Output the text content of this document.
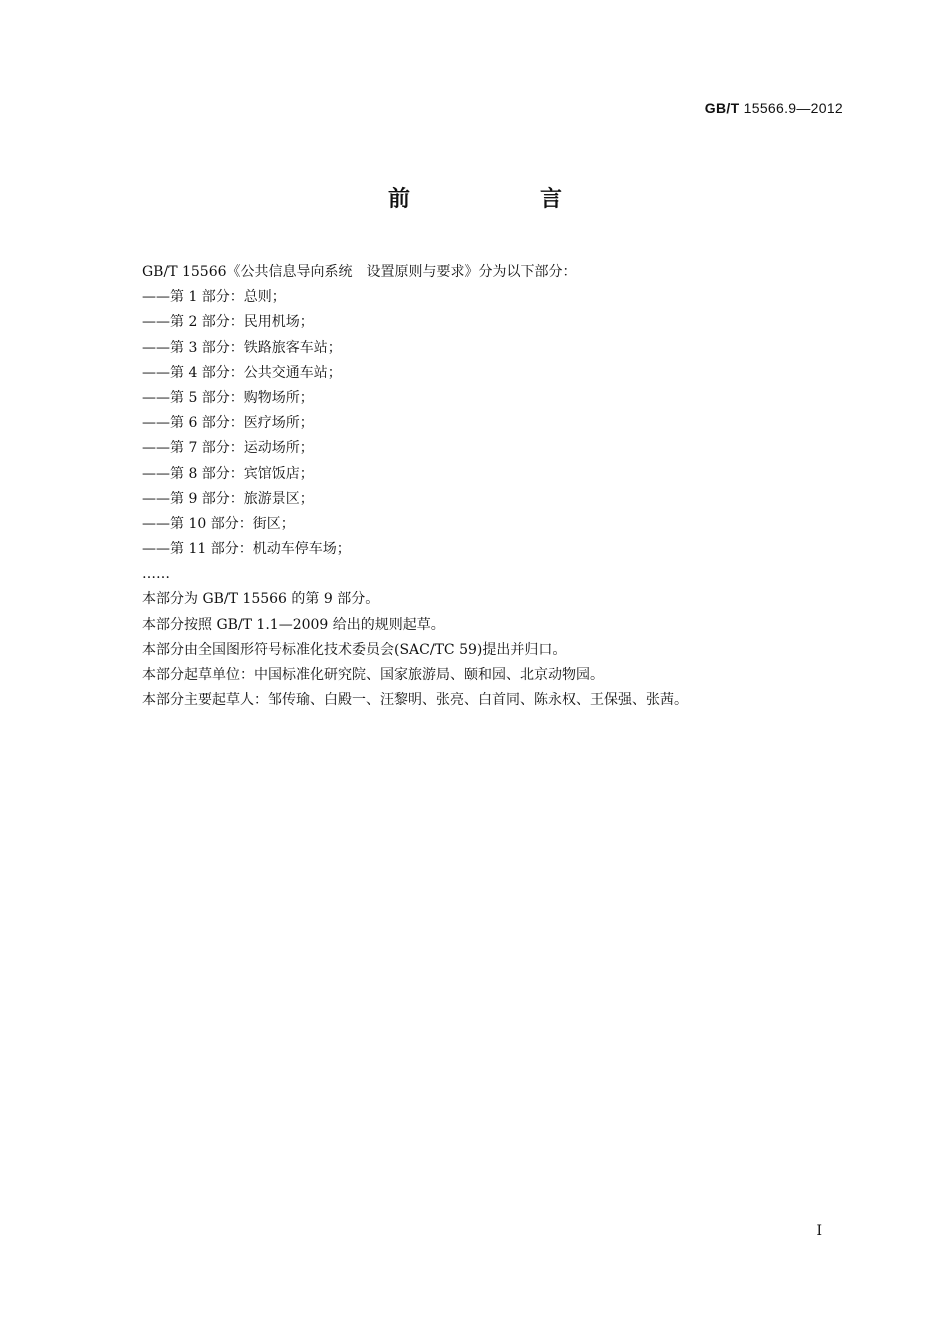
GB/T 15566.9—2012
前　言
GB/T 15566《公共信息导向系统　设置原则与要求》分为以下部分：
——第 1 部分：总则；
——第 2 部分：民用机场；
——第 3 部分：铁路旅客车站；
——第 4 部分：公共交通车站；
——第 5 部分：购物场所；
——第 6 部分：医疗场所；
——第 7 部分：运动场所；
——第 8 部分：宾馆饭店；
——第 9 部分：旅游景区；
——第 10 部分：街区；
——第 11 部分：机动车停车场；
……
本部分为 GB/T 15566 的第 9 部分。
本部分按照 GB/T 1.1—2009 给出的规则起草。
本部分由全国图形符号标准化技术委员会(SAC/TC 59)提出并归口。
本部分起草单位：中国标准化研究院、国家旅游局、颐和园、北京动物园。
本部分主要起草人：邹传瑜、白殿一、汪黎明、张亮、白首同、陈永权、王保强、张茜。
I
